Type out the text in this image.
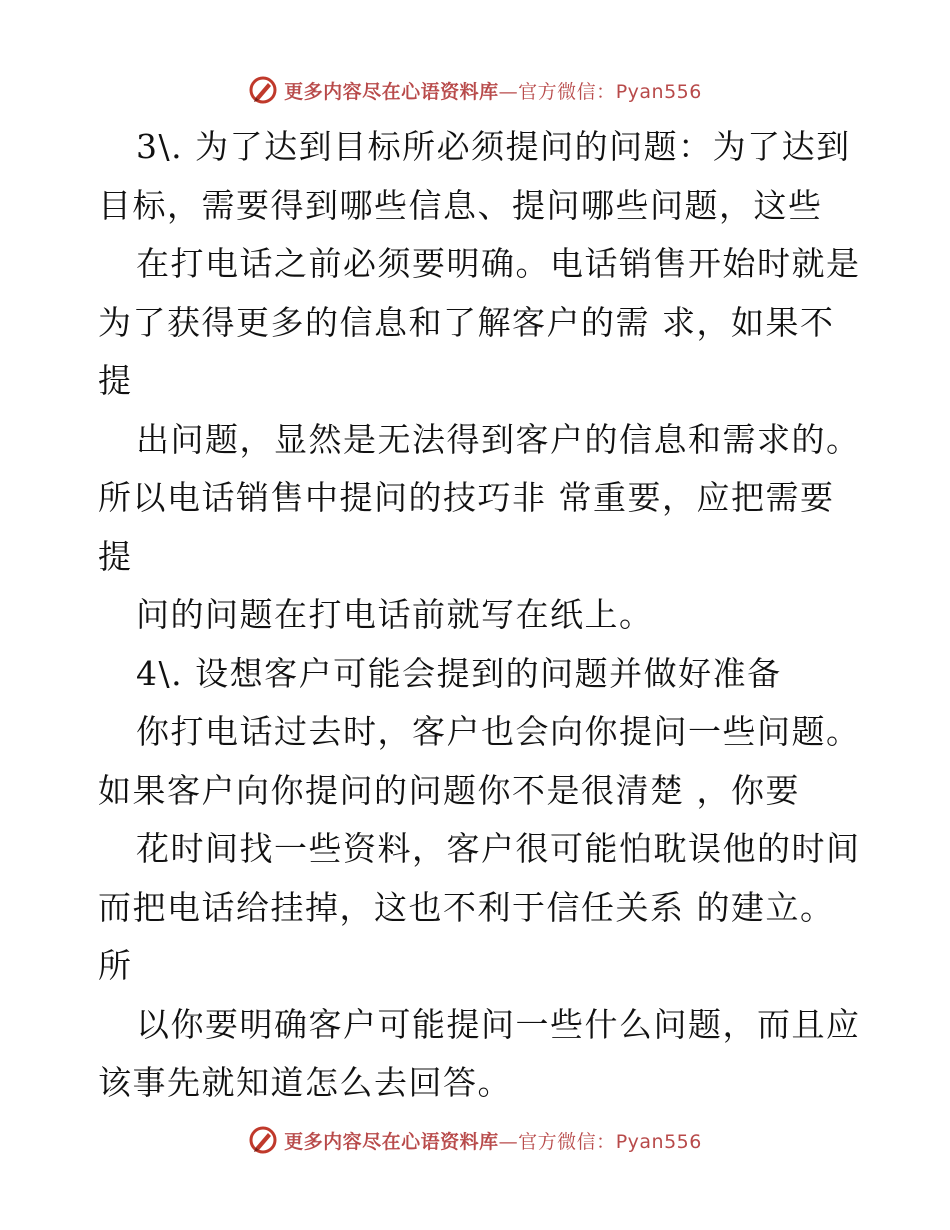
更多内容尽在心语资料库—官方微信：Pyan556
3\. 为了达到目标所必须提问的问题：为了达到
目标，需要得到哪些信息、提问哪些问题，这些
在打电话之前必须要明确。电话销售开始时就是
为了获得更多的信息和了解客户的需 求，如果不
提
出问题，显然是无法得到客户的信息和需求的。
所以电话销售中提问的技巧非 常重要，应把需要
提
问的问题在打电话前就写在纸上。
4\. 设想客户可能会提到的问题并做好准备
你打电话过去时，客户也会向你提问一些问题。
如果客户向你提问的问题你不是很清楚 ，你要
花时间找一些资料，客户很可能怕耽误他的时间
而把电话给挂掉，这也不利于信任关系 的建立。
所
以你要明确客户可能提问一些什么问题，而且应
该事先就知道怎么去回答。
更多内容尽在心语资料库—官方微信：Pyan556
